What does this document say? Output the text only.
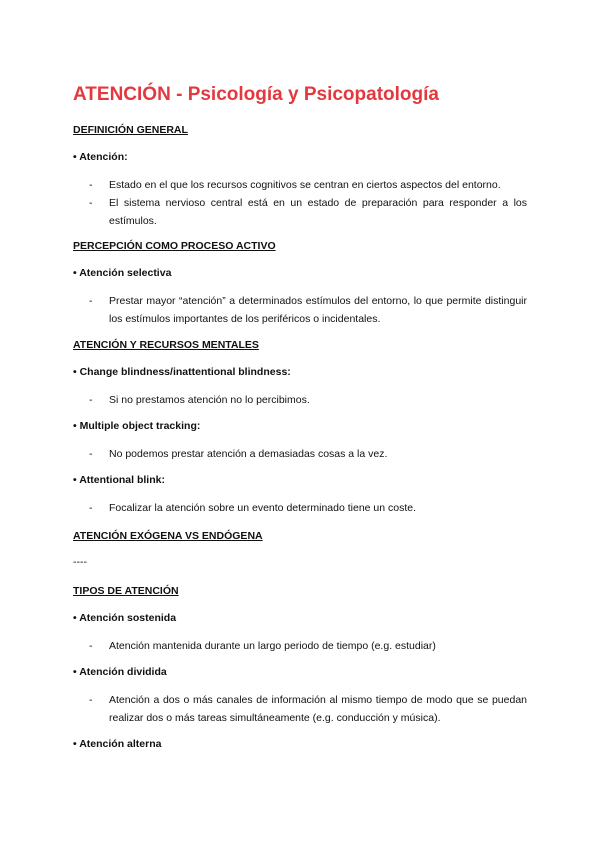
ATENCIÓN - Psicología y Psicopatología
DEFINICIÓN GENERAL
• Atención:
- Estado en el que los recursos cognitivos se centran en ciertos aspectos del entorno.
- El sistema nervioso central está en un estado de preparación para responder a los estímulos.
PERCEPCIÓN COMO PROCESO ACTIVO
• Atención selectiva
- Prestar mayor “atención” a determinados estímulos del entorno, lo que permite distinguir los estímulos importantes de los periféricos o incidentales.
ATENCIÓN Y RECURSOS MENTALES
• Change blindness/inattentional blindness:
- Si no prestamos atención no lo percibimos.
• Multiple object tracking:
- No podemos prestar atención a demasiadas cosas a la vez.
• Attentional blink:
- Focalizar la atención sobre un evento determinado tiene un coste.
ATENCIÓN EXÓGENA VS ENDÓGENA
----
TIPOS DE ATENCIÓN
• Atención sostenida
- Atención mantenida durante un largo periodo de tiempo (e.g. estudiar)
• Atención dividida
- Atención a dos o más canales de información al mismo tiempo de modo que se puedan realizar dos o más tareas simultáneamente (e.g. conducción y música).
• Atención alterna
